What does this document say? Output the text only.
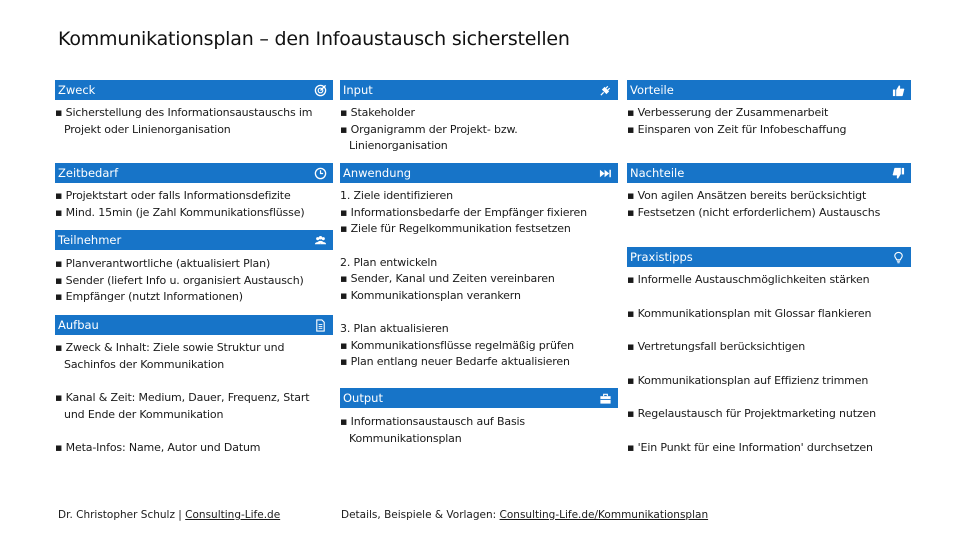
Kommunikationsplan – den Infoaustausch sicherstellen
Zweck
▪ Sicherstellung des Informationsaustauschs im Projekt oder Linienorganisation
Zeitbedarf
▪ Projektstart oder falls Informationsdefizite
▪ Mind. 15min (je Zahl Kommunikationsflüsse)
Teilnehmer
▪ Planverantwortliche (aktualisiert Plan)
▪ Sender (liefert Info u. organisiert Austausch)
▪ Empfänger (nutzt Informationen)
Aufbau
▪ Zweck & Inhalt: Ziele sowie Struktur und Sachinfos der Kommunikation
▪ Kanal & Zeit: Medium, Dauer, Frequenz, Start und Ende der Kommunikation
▪ Meta-Infos: Name, Autor und Datum
Input
▪ Stakeholder
▪ Organigramm der Projekt- bzw. Linienorganisation
Anwendung
1. Ziele identifizieren
▪ Informationsbedarfe der Empfänger fixieren
▪ Ziele für Regelkommunikation festsetzen
2. Plan entwickeln
▪ Sender, Kanal und Zeiten vereinbaren
▪ Kommunikationsplan verankern
3. Plan aktualisieren
▪ Kommunikationsflüsse regelmäßig prüfen
▪ Plan entlang neuer Bedarfe aktualisieren
Output
▪ Informationsaustausch auf Basis Kommunikationsplan
Vorteile
▪ Verbesserung der Zusammenarbeit
▪ Einsparen von Zeit für Infobeschaffung
Nachteile
▪ Von agilen Ansätzen bereits berücksichtigt
▪ Festsetzen (nicht erforderlichem) Austauschs
Praxistipps
▪ Informelle Austauschmöglichkeiten stärken
▪ Kommunikationsplan mit Glossar flankieren
▪ Vertretungsfall berücksichtigen
▪ Kommunikationsplan auf Effizienz trimmen
▪ Regelaustausch für Projektmarketing nutzen
▪ 'Ein Punkt für eine Information' durchsetzen
Dr. Christopher Schulz | Consulting-Life.de	Details, Beispiele & Vorlagen: Consulting-Life.de/Kommunikationsplan
